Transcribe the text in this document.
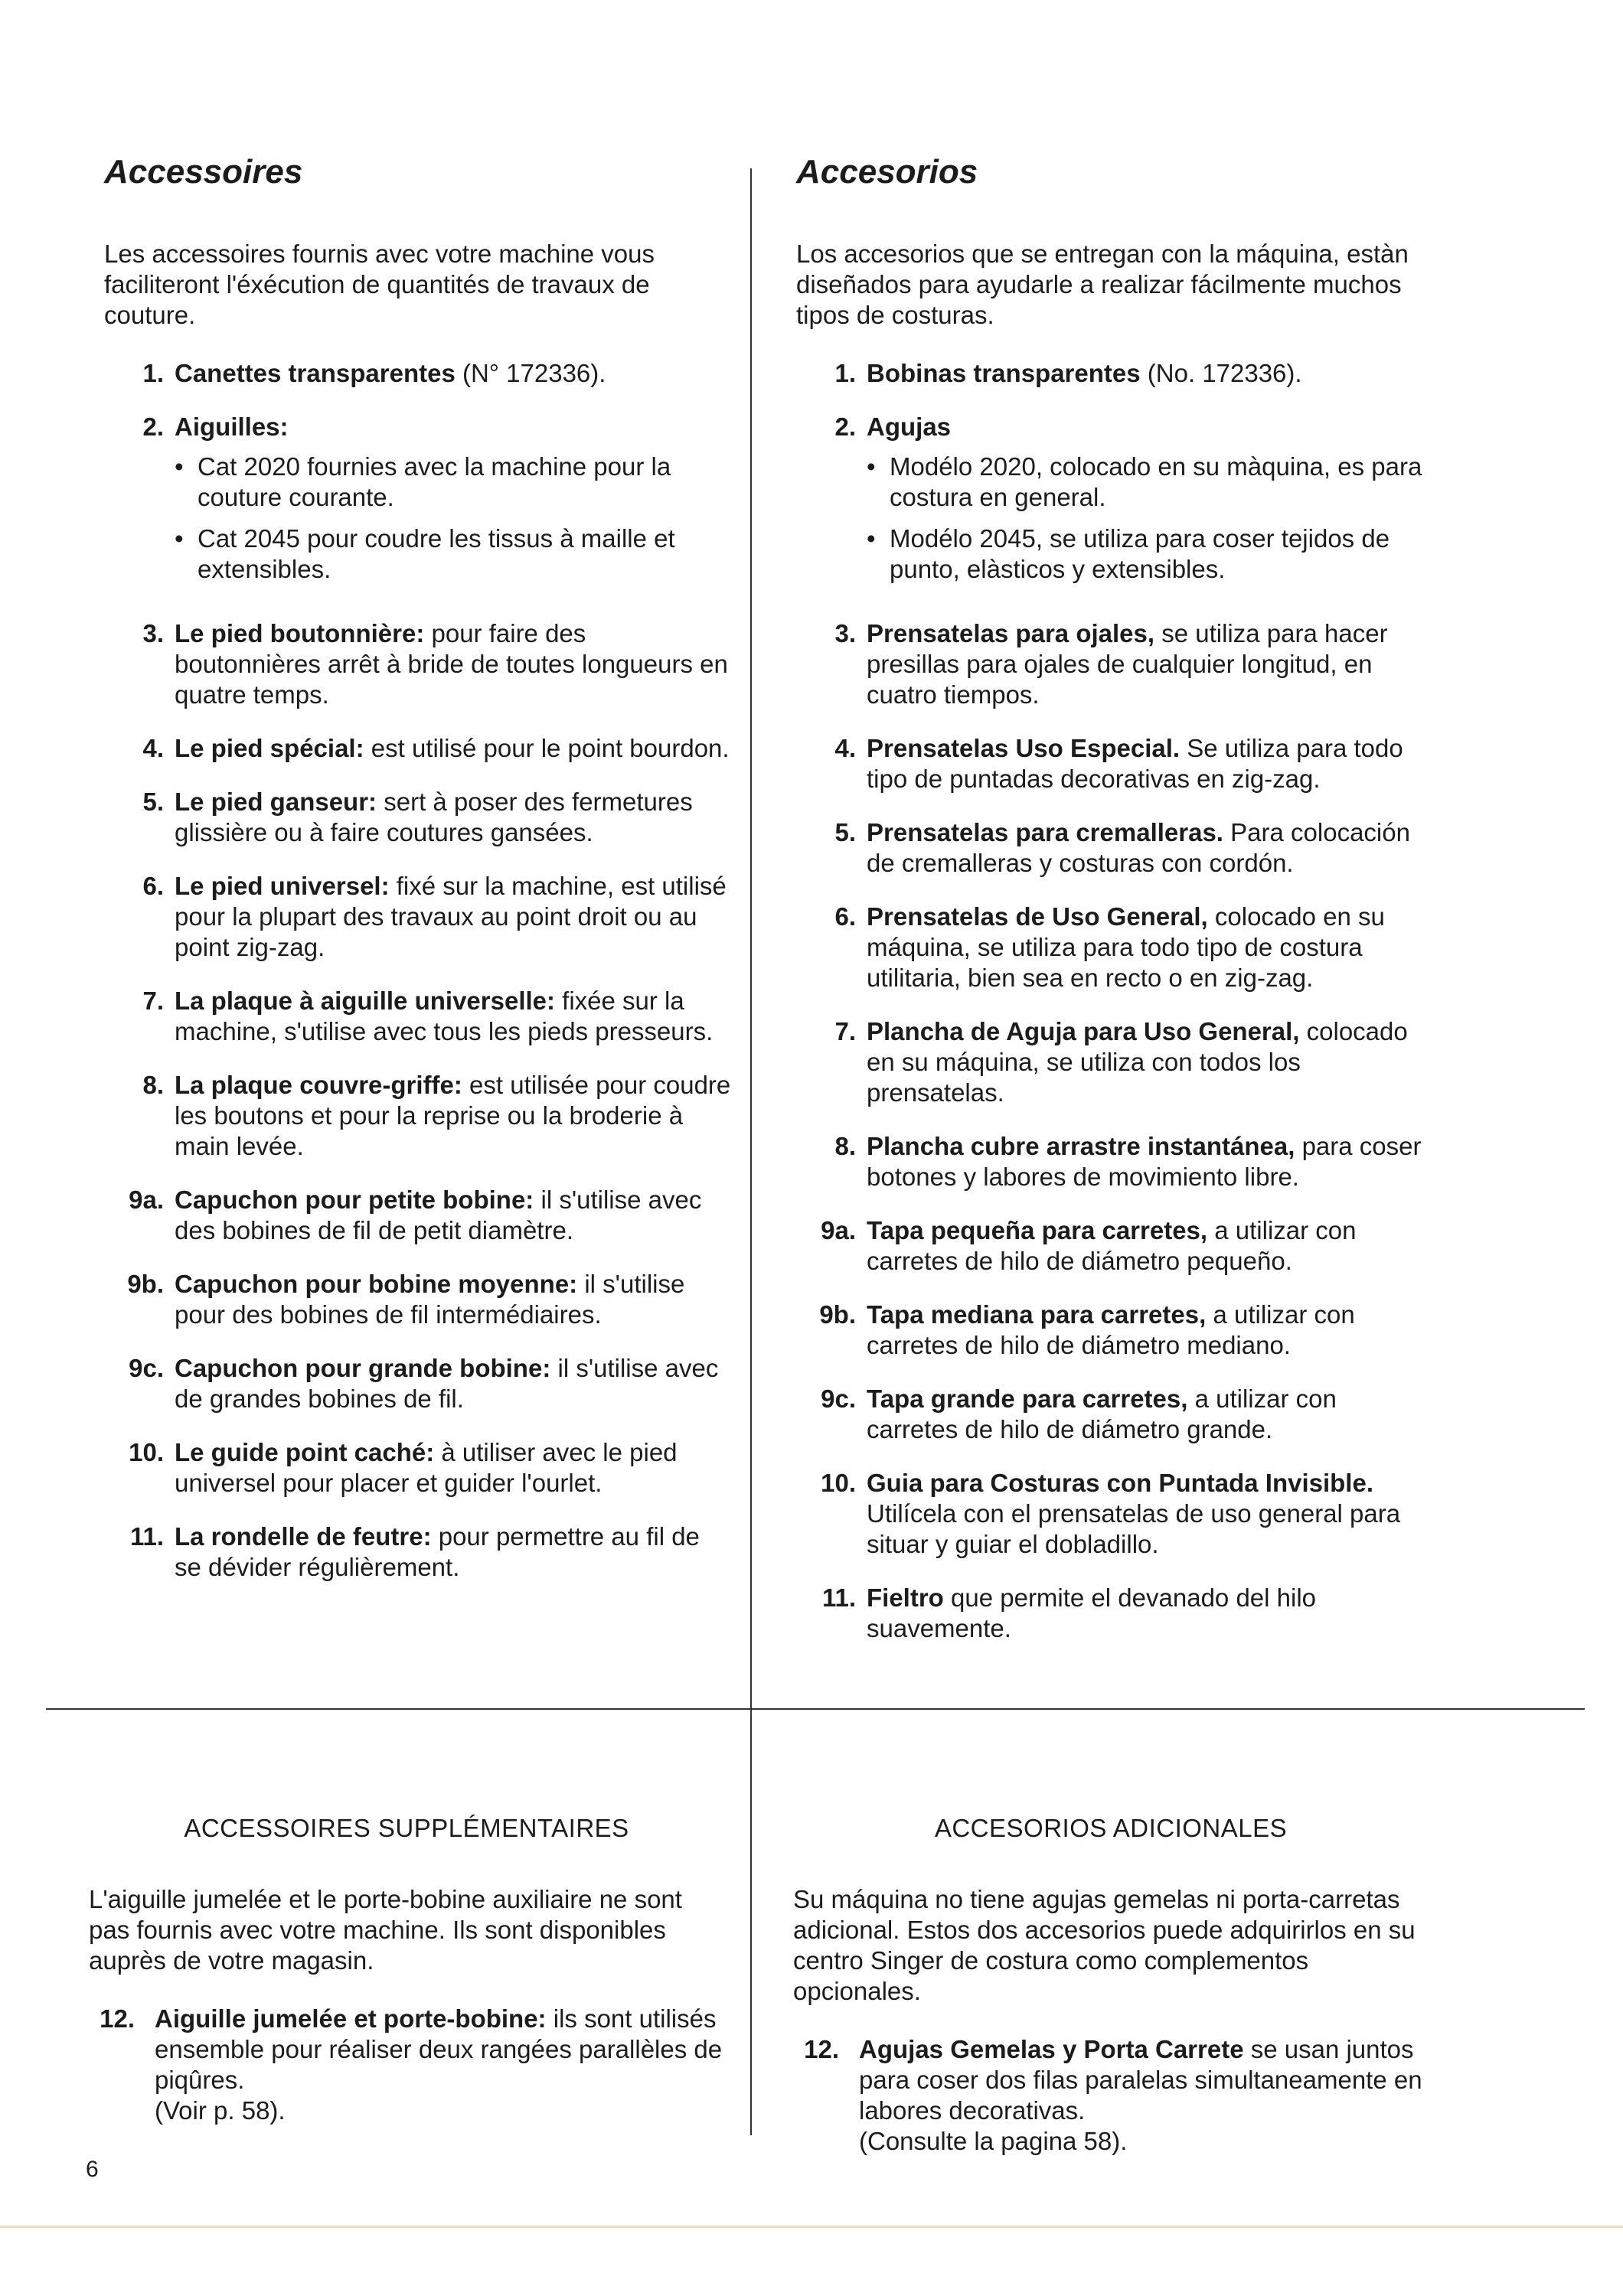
Accessoires

Les accessoires fournis avec votre machine vous faciliteront l'éxécution de quantités de travaux de couture.

1. Canettes transparentes (N° 172336).
2. Aiguilles:
• Cat 2020 fournies avec la machine pour la couture courante.
• Cat 2045 pour coudre les tissus à maille et extensibles.
3. Le pied boutonnière: pour faire des boutonnières arrêt à bride de toutes longueurs en quatre temps.
4. Le pied spécial: est utilisé pour le point bourdon.
5. Le pied ganseur: sert à poser des fermetures glissière ou à faire coutures gansées.
6. Le pied universel: fixé sur la machine, est utilisé pour la plupart des travaux au point droit ou au point zig-zag.
7. La plaque à aiguille universelle: fixée sur la machine, s'utilise avec tous les pieds presseurs.
8. La plaque couvre-griffe: est utilisée pour coudre les boutons et pour la reprise ou la broderie à main levée.
9a. Capuchon pour petite bobine: il s'utilise avec des bobines de fil de petit diamètre.
9b. Capuchon pour bobine moyenne: il s'utilise pour des bobines de fil intermédiaires.
9c. Capuchon pour grande bobine: il s'utilise avec de grandes bobines de fil.
10. Le guide point caché: à utiliser avec le pied universel pour placer et guider l'ourlet.
11. La rondelle de feutre: pour permettre au fil de se dévider régulièrement.
Accesorios

Los accesorios que se entregan con la máquina, estàn diseñados para ayudarle a realizar fácilmente muchos tipos de costuras.

1. Bobinas transparentes (No. 172336).
2. Agujas
• Modélo 2020, colocado en su màquina, es para costura en general.
• Modélo 2045, se utiliza para coser tejidos de punto, elàsticos y extensibles.
3. Prensatelas para ojales, se utiliza para hacer presillas para ojales de cualquier longitud, en cuatro tiempos.
4. Prensatelas Uso Especial. Se utiliza para todo tipo de puntadas decorativas en zig-zag.
5. Prensatelas para cremalleras. Para colocación de cremalleras y costuras con cordón.
6. Prensatelas de Uso General, colocado en su máquina, se utiliza para todo tipo de costura utilitaria, bien sea en recto o en zig-zag.
7. Plancha de Aguja para Uso General, colocado en su máquina, se utiliza con todos los prensatelas.
8. Plancha cubre arrastre instantánea, para coser botones y labores de movimiento libre.
9a. Tapa pequeña para carretes, a utilizar con carretes de hilo de diámetro pequeño.
9b. Tapa mediana para carretes, a utilizar con carretes de hilo de diámetro mediano.
9c. Tapa grande para carretes, a utilizar con carretes de hilo de diámetro grande.
10. Guia para Costuras con Puntada Invisible. Utilícela con el prensatelas de uso general para situar y guiar el dobladillo.
11. Fieltro que permite el devanado del hilo suavemente.
ACCESSOIRES SUPPLÉMENTAIRES

L'aiguille jumelée et le porte-bobine auxiliaire ne sont pas fournis avec votre machine. Ils sont disponibles auprès de votre magasin.

12. Aiguille jumelée et porte-bobine: ils sont utilisés ensemble pour réaliser deux rangées parallèles de piqûres.
(Voir p. 58).
ACCESORIOS ADICIONALES

Su máquina no tiene agujas gemelas ni porta-carretas adicional. Estos dos accesorios puede adquirirlos en su centro Singer de costura como complementos opcionales.

12. Agujas Gemelas y Porta Carrete se usan juntos para coser dos filas paralelas simultaneamente en labores decorativas.
(Consulte la pagina 58).
6
